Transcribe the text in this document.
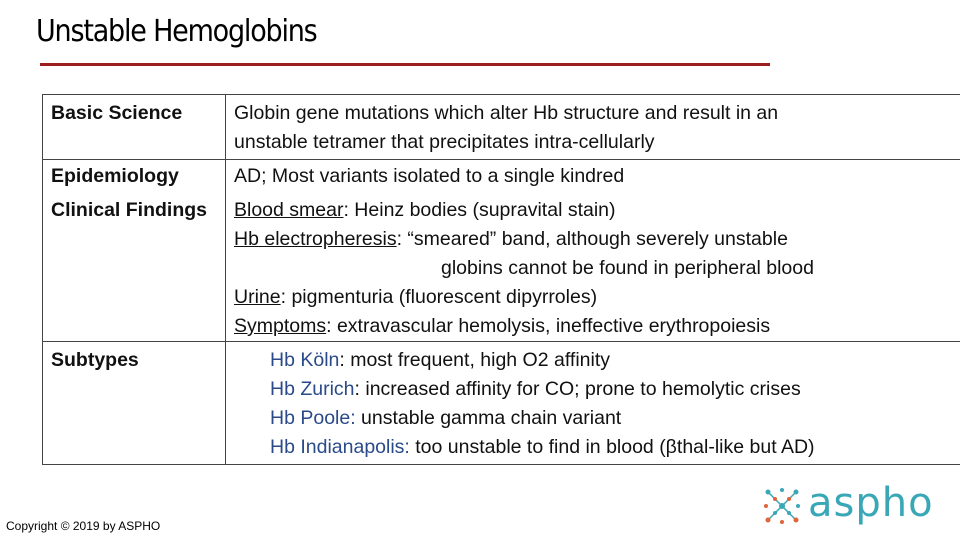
Unstable Hemoglobins
Basic Science	Globin gene mutations which alter Hb structure and result in an
unstable tetramer that precipitates intra-cellularly

Epidemiology	AD; Most variants isolated to a single kindred
Clinical Findings	Blood smear: Heinz bodies (supravital stain)
Hb electropheresis: “smeared” band, although severely unstable
globins cannot be found in peripheral blood
Urine: pigmenturia (fluorescent dipyrroles)
Symptoms: extravascular hemolysis, ineffective erythropoiesis

Subtypes	Hb Köln: most frequent, high O2 affinity
Hb Zurich: increased affinity for CO; prone to hemolytic crises
Hb Poole: unstable gamma chain variant
Hb Indianapolis: too unstable to find in blood (βthal-like but AD)
Copyright © 2019 by ASPHO	aspho
